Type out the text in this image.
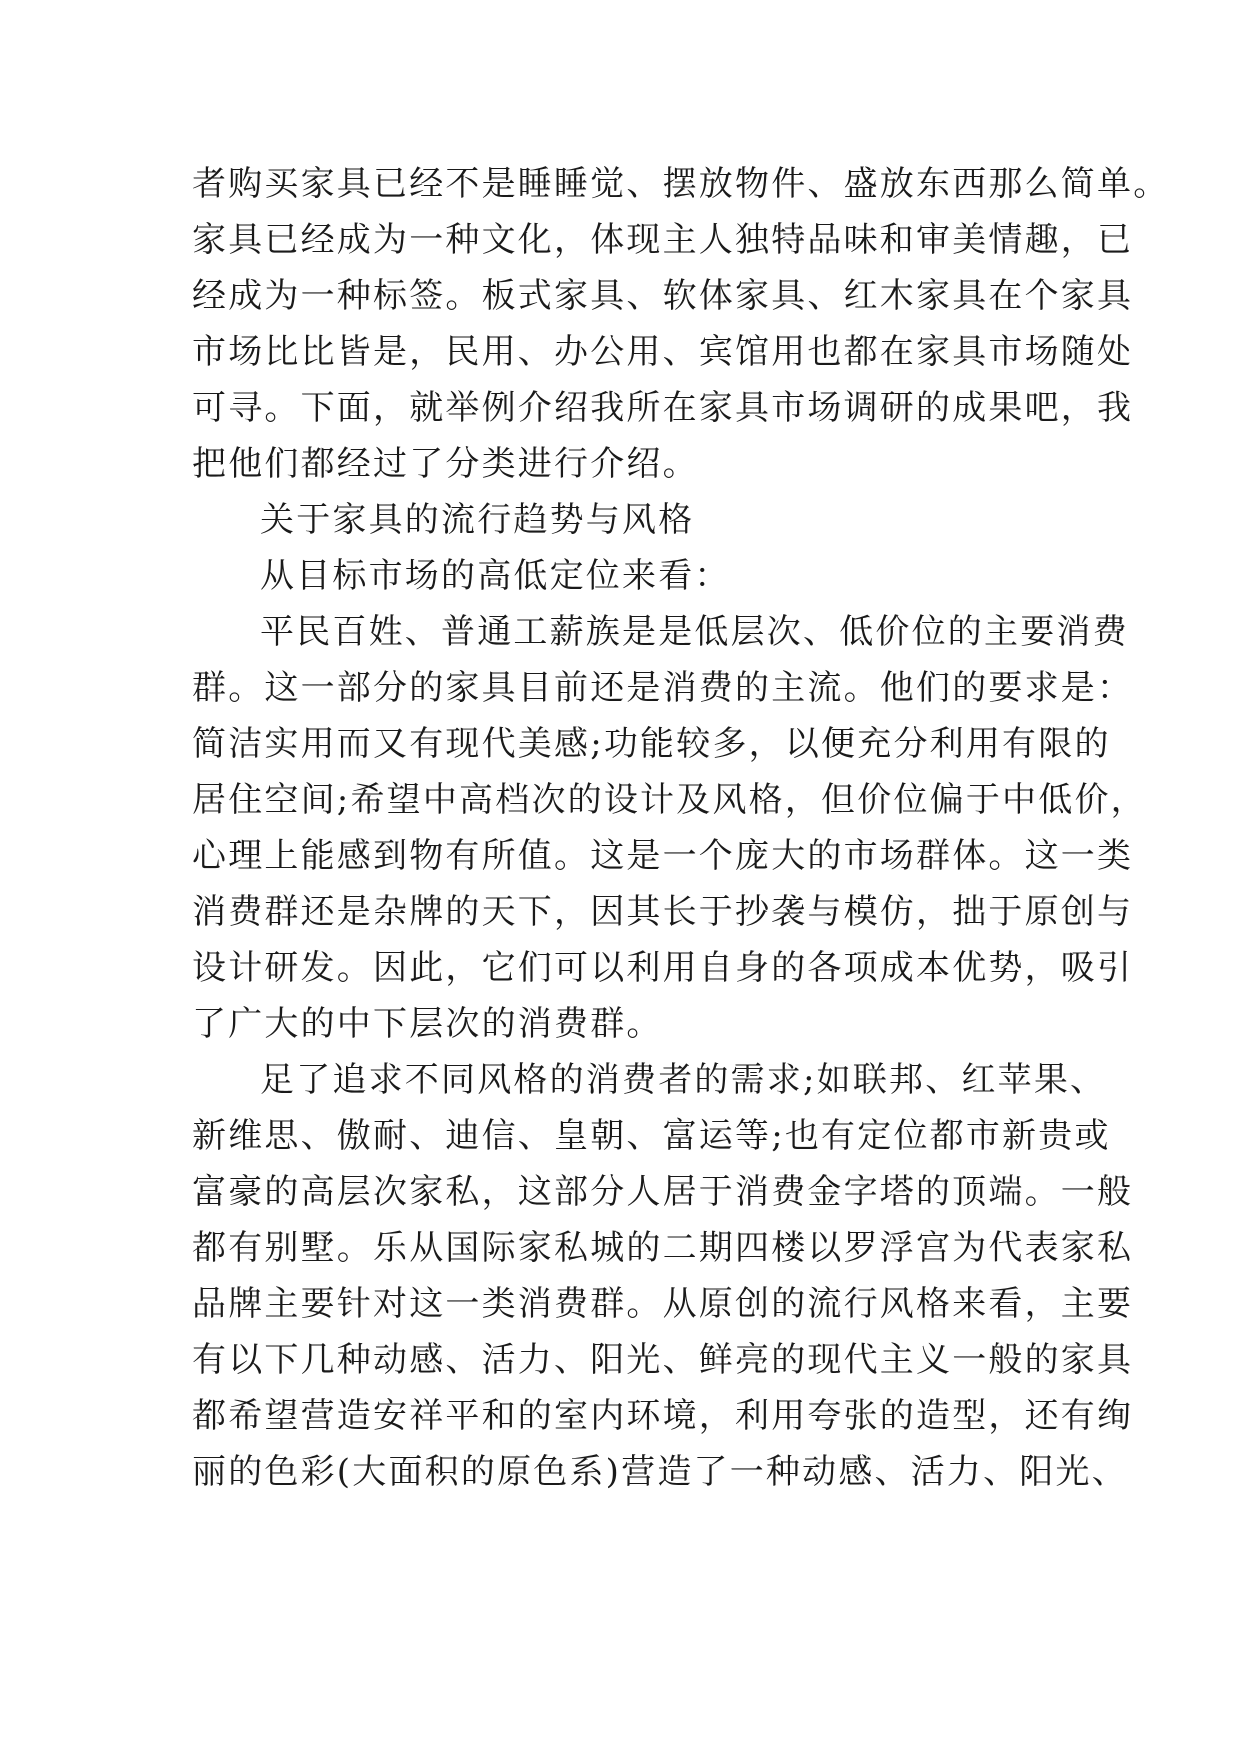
者购买家具已经不是睡睡觉、摆放物件、盛放东西那么简单。
家具已经成为一种文化，体现主人独特品味和审美情趣，已
经成为一种标签。板式家具、软体家具、红木家具在个家具
市场比比皆是，民用、办公用、宾馆用也都在家具市场随处
可寻。下面，就举例介绍我所在家具市场调研的成果吧，我
把他们都经过了分类进行介绍。
关于家具的流行趋势与风格
从目标市场的高低定位来看：
平民百姓、普通工薪族是是低层次、低价位的主要消费
群。这一部分的家具目前还是消费的主流。他们的要求是：
简洁实用而又有现代美感;功能较多，以便充分利用有限的
居住空间;希望中高档次的设计及风格，但价位偏于中低价，
心理上能感到物有所值。这是一个庞大的市场群体。这一类
消费群还是杂牌的天下，因其长于抄袭与模仿，拙于原创与
设计研发。因此，它们可以利用自身的各项成本优势，吸引
了广大的中下层次的消费群。
足了追求不同风格的消费者的需求;如联邦、红苹果、
新维思、傲耐、迪信、皇朝、富运等;也有定位都市新贵或
富豪的高层次家私，这部分人居于消费金字塔的顶端。一般
都有别墅。乐从国际家私城的二期四楼以罗浮宫为代表家私
品牌主要针对这一类消费群。从原创的流行风格来看，主要
有以下几种动感、活力、阳光、鲜亮的现代主义一般的家具
都希望营造安祥平和的室内环境，利用夸张的造型，还有绚
丽的色彩(大面积的原色系)营造了一种动感、活力、阳光、
